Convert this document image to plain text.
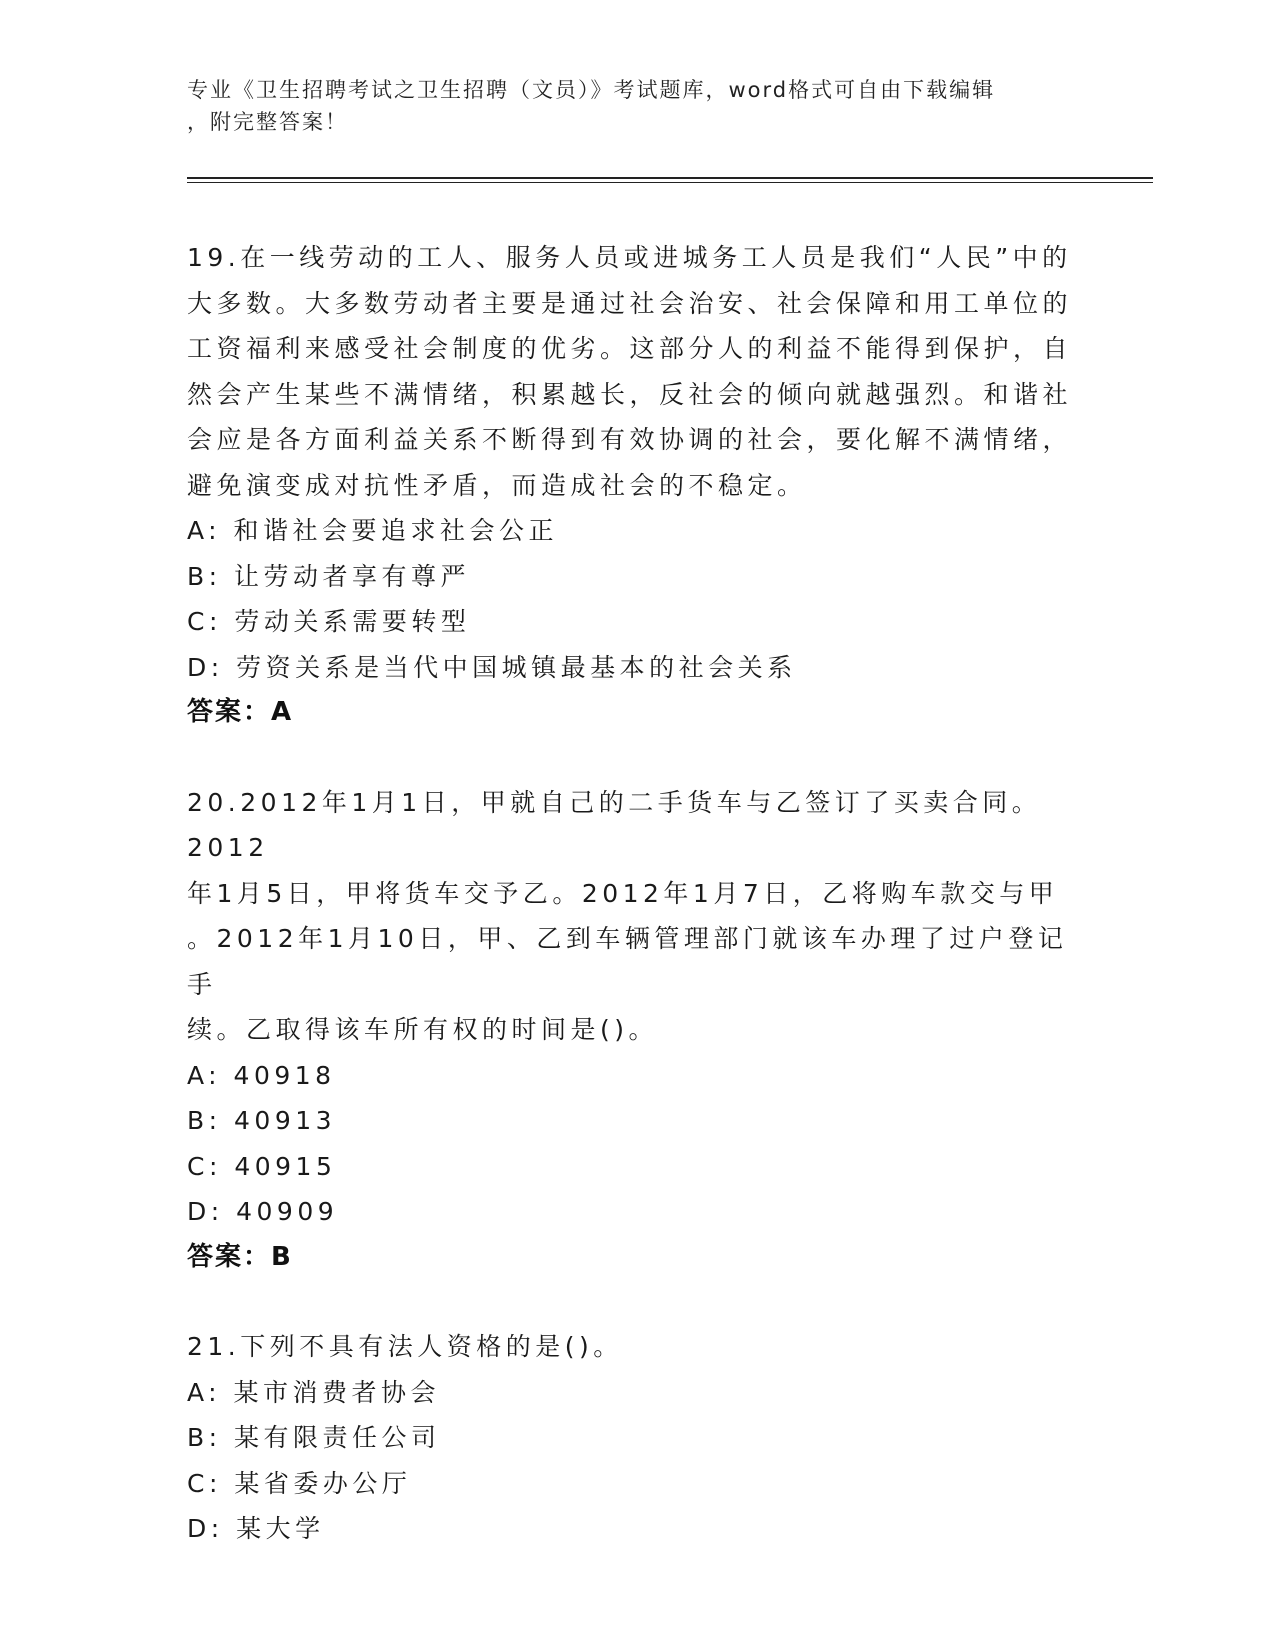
专业《卫生招聘考试之卫生招聘（文员）》考试题库，word格式可自由下载编辑
，附完整答案！
19.在一线劳动的工人、服务人员或进城务工人员是我们“人民”中的
大多数。大多数劳动者主要是通过社会治安、社会保障和用工单位的
工资福利来感受社会制度的优劣。这部分人的利益不能得到保护，自
然会产生某些不满情绪，积累越长，反社会的倾向就越强烈。和谐社
会应是各方面利益关系不断得到有效协调的社会，要化解不满情绪，
避免演变成对抗性矛盾，而造成社会的不稳定。
A: 和谐社会要追求社会公正
B: 让劳动者享有尊严
C: 劳动关系需要转型
D: 劳资关系是当代中国城镇最基本的社会关系
答案：A
20.2012年1月1日，甲就自己的二手货车与乙签订了买卖合同。2012
年1月5日，甲将货车交予乙。2012年1月7日，乙将购车款交与甲
。2012年1月10日，甲、乙到车辆管理部门就该车办理了过户登记手
续。乙取得该车所有权的时间是()。
A: 40918
B: 40913
C: 40915
D: 40909
答案：B
21.下列不具有法人资格的是()。
A: 某市消费者协会
B: 某有限责任公司
C: 某省委办公厅
D: 某大学
